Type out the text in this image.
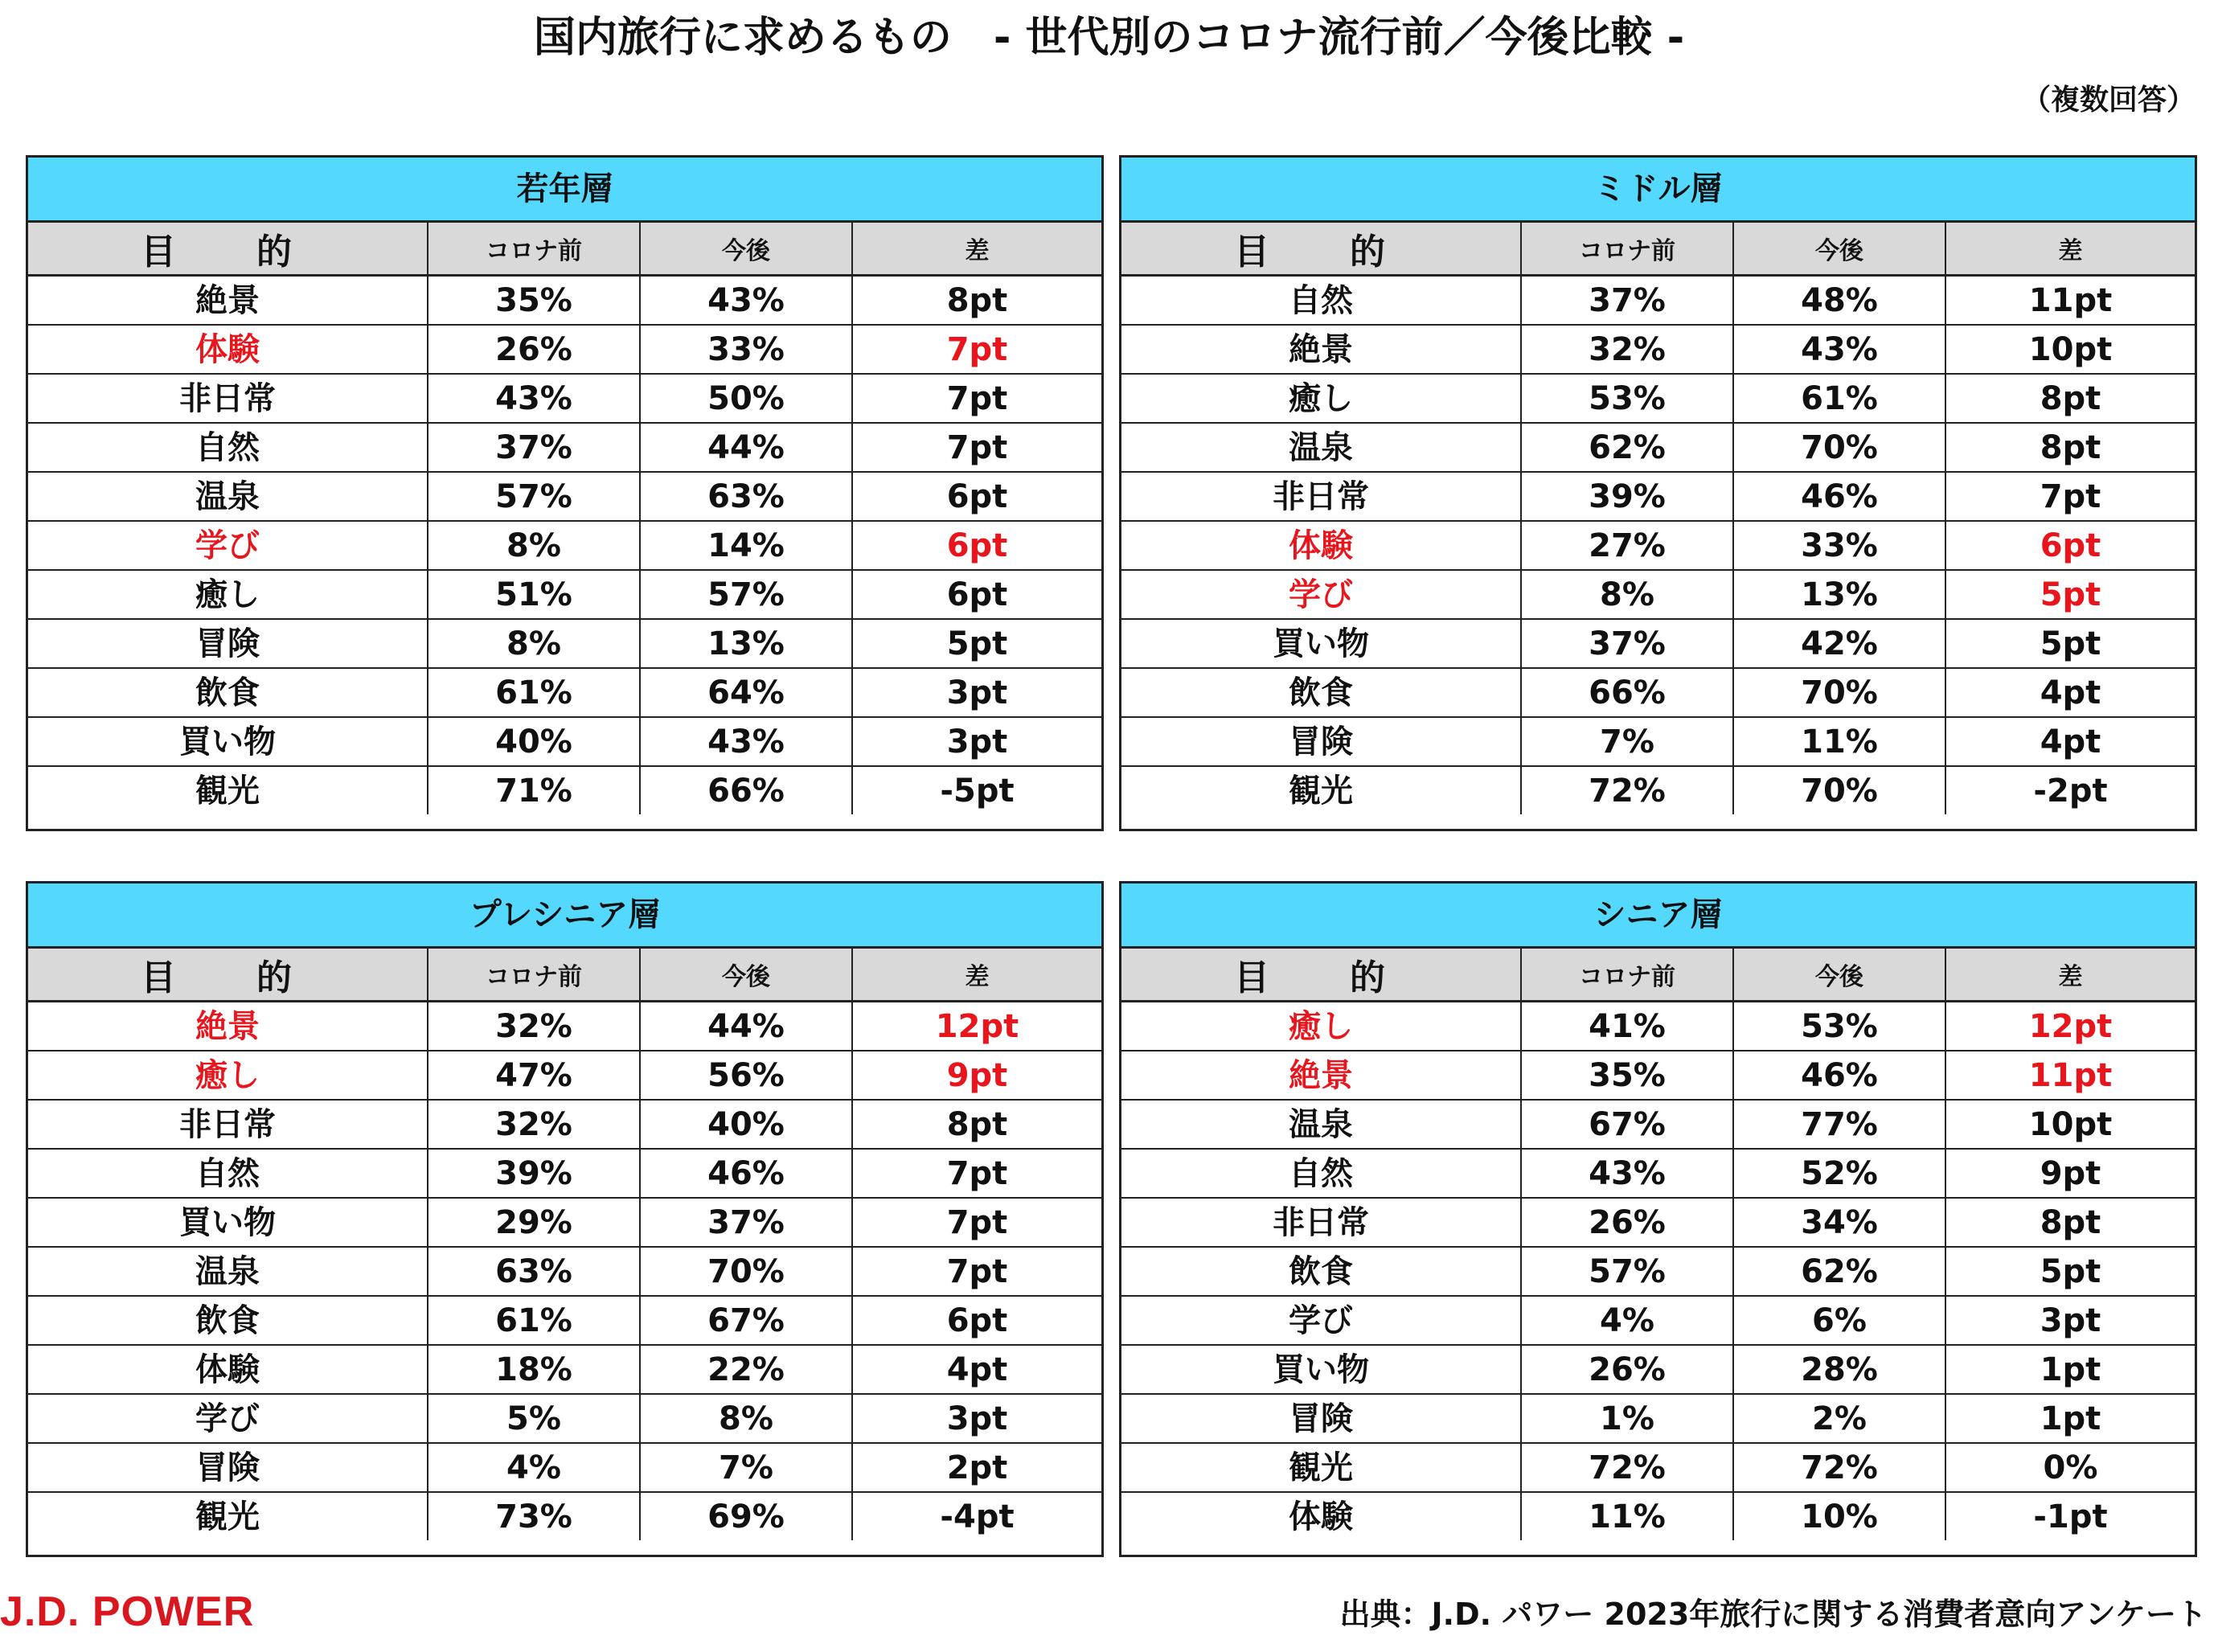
国内旅行に求めるもの　- 世代別のコロナ流行前／今後比較 -
（複数回答）
若年層
目　的	コロナ前	今後	差
絶景	35%	43%	8pt
体験	26%	33%	7pt
非日常	43%	50%	7pt
自然	37%	44%	7pt
温泉	57%	63%	6pt
学び	8%	14%	6pt
癒し	51%	57%	6pt
冒険	8%	13%	5pt
飲食	61%	64%	3pt
買い物	40%	43%	3pt
観光	71%	66%	-5pt
ミドル層
目　的	コロナ前	今後	差
自然	37%	48%	11pt
絶景	32%	43%	10pt
癒し	53%	61%	8pt
温泉	62%	70%	8pt
非日常	39%	46%	7pt
体験	27%	33%	6pt
学び	8%	13%	5pt
買い物	37%	42%	5pt
飲食	66%	70%	4pt
冒険	7%	11%	4pt
観光	72%	70%	-2pt
プレシニア層
目　的	コロナ前	今後	差
絶景	32%	44%	12pt
癒し	47%	56%	9pt
非日常	32%	40%	8pt
自然	39%	46%	7pt
買い物	29%	37%	7pt
温泉	63%	70%	7pt
飲食	61%	67%	6pt
体験	18%	22%	4pt
学び	5%	8%	3pt
冒険	4%	7%	2pt
観光	73%	69%	-4pt
シニア層
目　的	コロナ前	今後	差
癒し	41%	53%	12pt
絶景	35%	46%	11pt
温泉	67%	77%	10pt
自然	43%	52%	9pt
非日常	26%	34%	8pt
飲食	57%	62%	5pt
学び	4%	6%	3pt
買い物	26%	28%	1pt
冒険	1%	2%	1pt
観光	72%	72%	0%
体験	11%	10%	-1pt
J.D. POWER	出典：J.D. パワー 2023年旅行に関する消費者意向アンケート
